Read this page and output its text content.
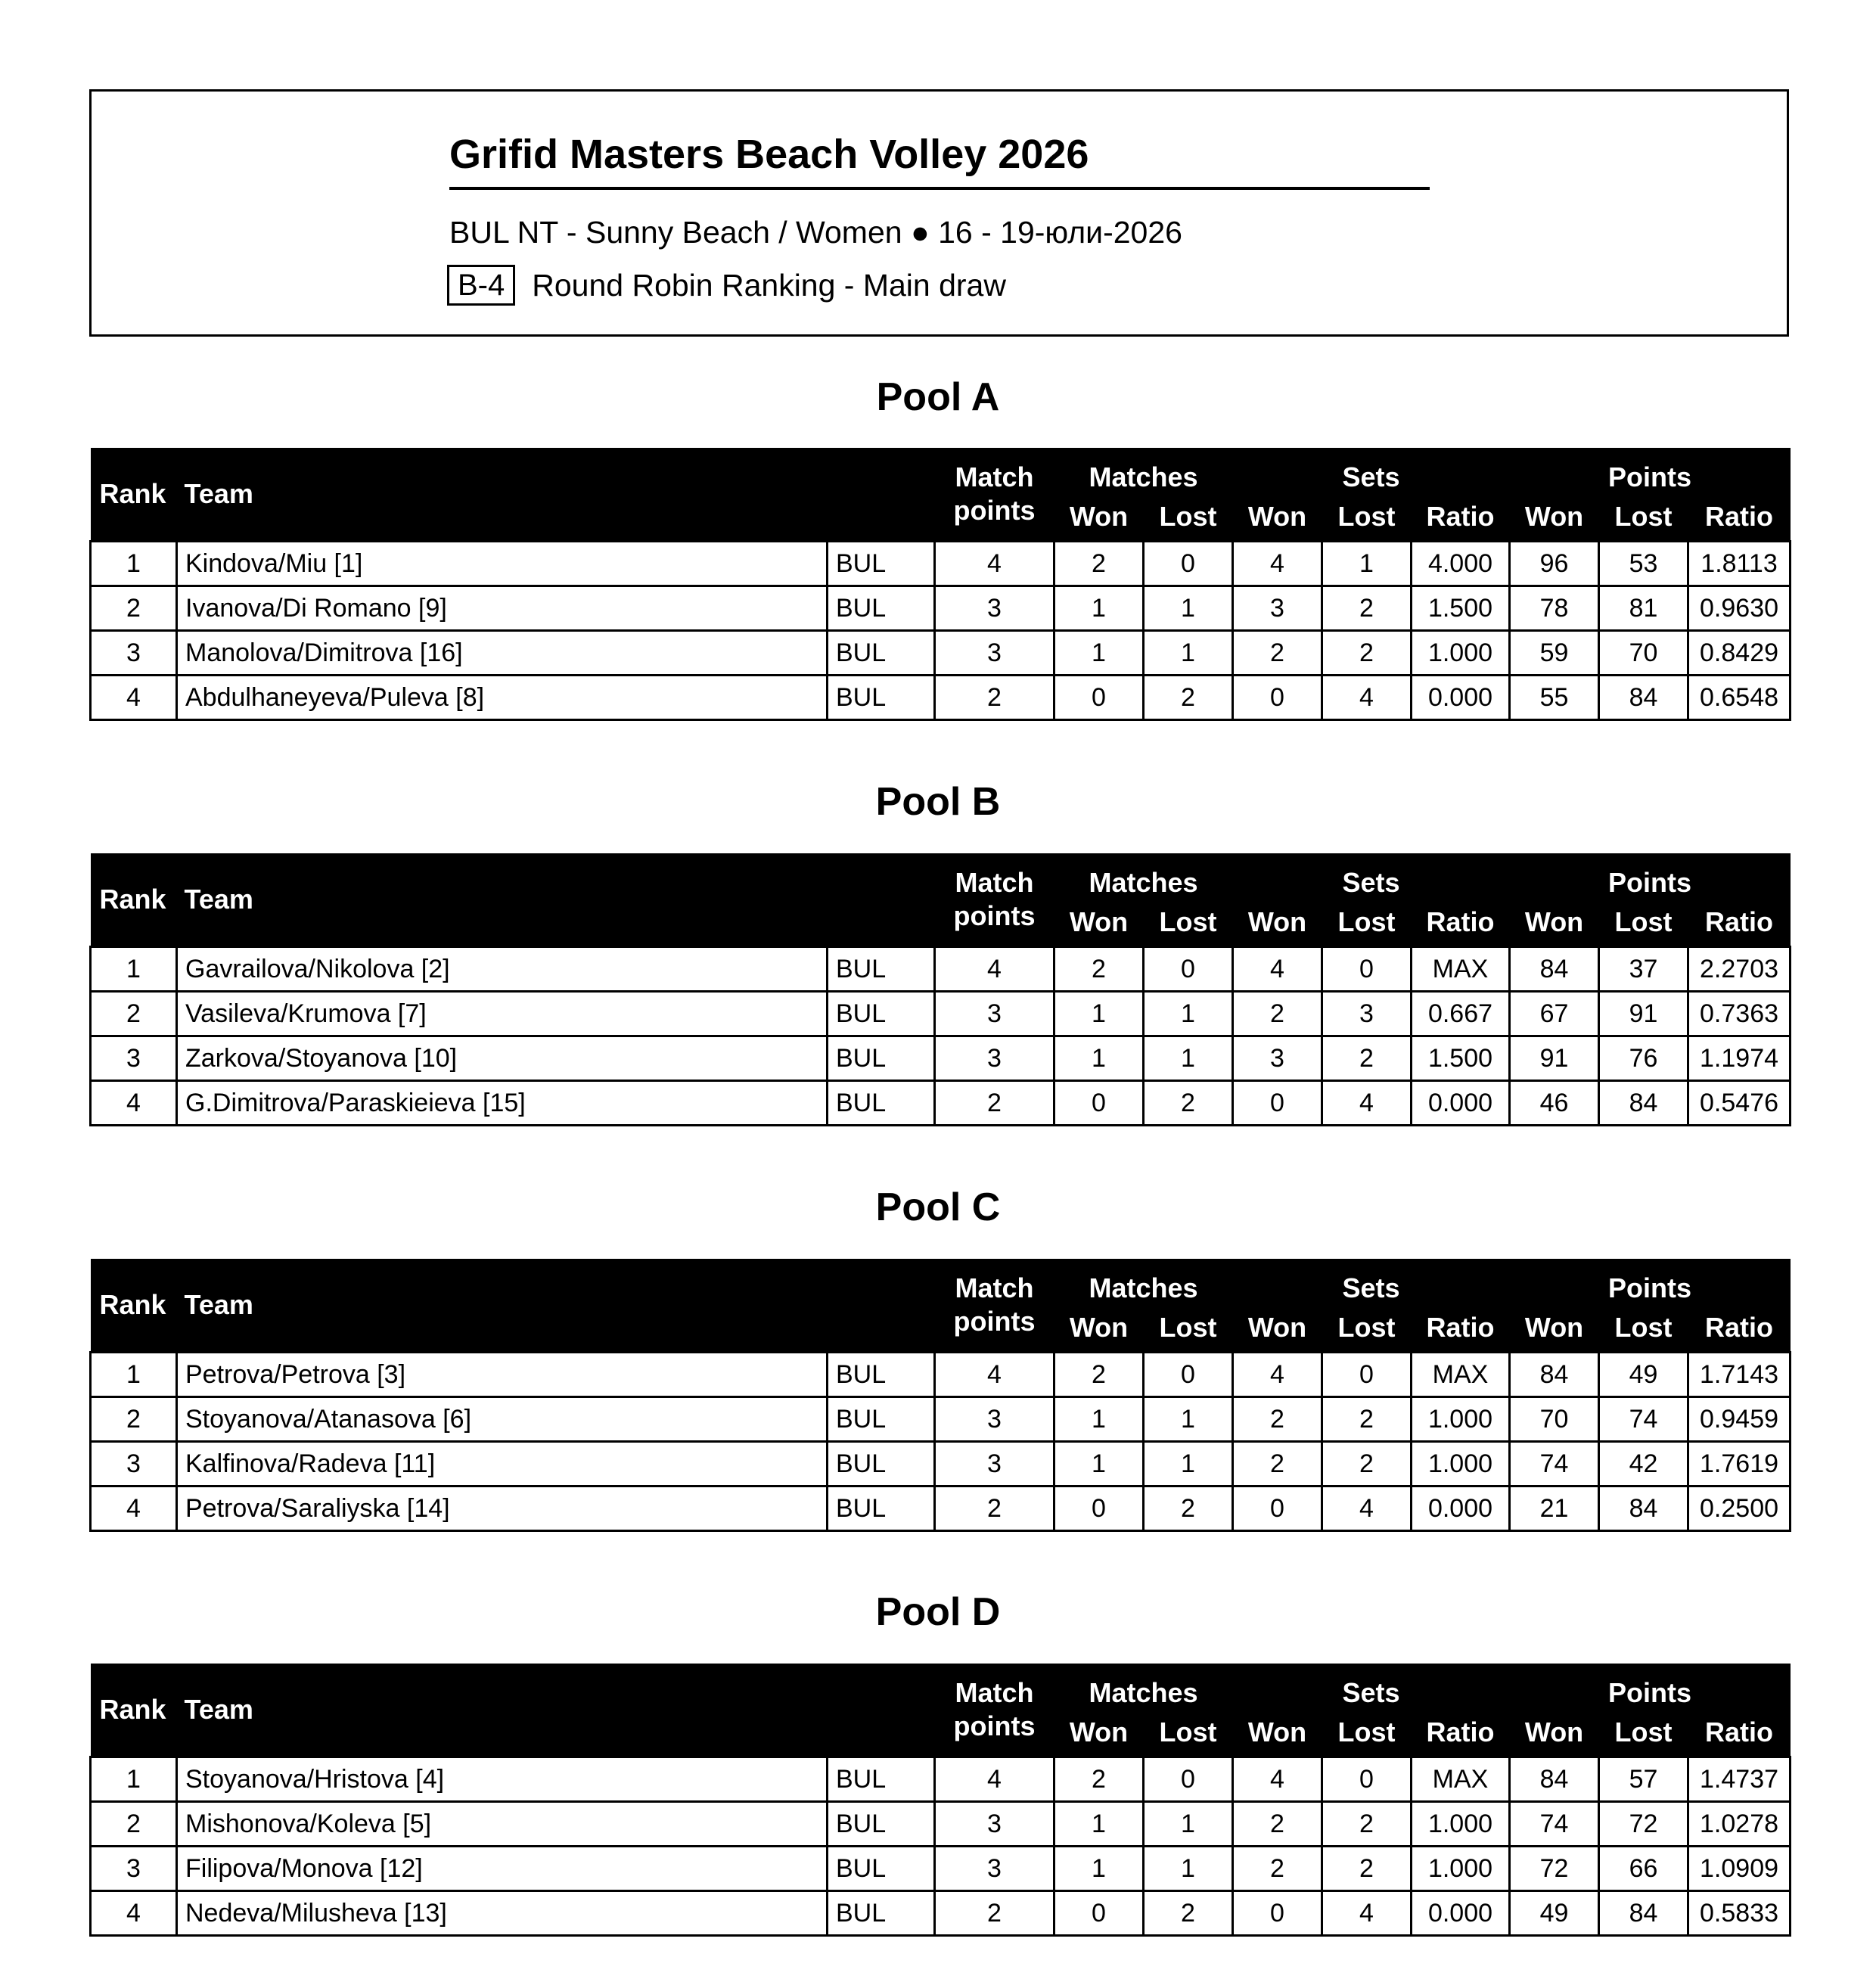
Grifid Masters Beach Volley 2026
BUL NT - Sunny Beach / Women ● 16 - 19-юли-2026
B-4 Round Robin Ranking - Main draw
Pool A
Rank	Team		Match
points	Matches		Sets			Points		
				Won	Lost	Won	Lost	Ratio	Won	Lost	Ratio
1	Kindova/Miu [1]	BUL	4	2	0	4	1	4.000	96	53	1.8113
2	Ivanova/Di Romano [9]	BUL	3	1	1	3	2	1.500	78	81	0.9630
3	Manolova/Dimitrova [16]	BUL	3	1	1	2	2	1.000	59	70	0.8429
4	Abdulhaneyeva/Puleva [8]	BUL	2	0	2	0	4	0.000	55	84	0.6548
Pool B
Rank	Team		Match
points	Matches		Sets			Points		
				Won	Lost	Won	Lost	Ratio	Won	Lost	Ratio
1	Gavrailova/Nikolova [2]	BUL	4	2	0	4	0	MAX	84	37	2.2703
2	Vasileva/Krumova [7]	BUL	3	1	1	2	3	0.667	67	91	0.7363
3	Zarkova/Stoyanova [10]	BUL	3	1	1	3	2	1.500	91	76	1.1974
4	G.Dimitrova/Paraskieieva [15]	BUL	2	0	2	0	4	0.000	46	84	0.5476
Pool C
Rank	Team		Match
points	Matches		Sets			Points		
				Won	Lost	Won	Lost	Ratio	Won	Lost	Ratio
1	Petrova/Petrova [3]	BUL	4	2	0	4	0	MAX	84	49	1.7143
2	Stoyanova/Atanasova [6]	BUL	3	1	1	2	2	1.000	70	74	0.9459
3	Kalfinova/Radeva [11]	BUL	3	1	1	2	2	1.000	74	42	1.7619
4	Petrova/Saraliyska [14]	BUL	2	0	2	0	4	0.000	21	84	0.2500
Pool D
Rank	Team		Match
points	Matches		Sets			Points		
				Won	Lost	Won	Lost	Ratio	Won	Lost	Ratio
1	Stoyanova/Hristova [4]	BUL	4	2	0	4	0	MAX	84	57	1.4737
2	Mishonova/Koleva [5]	BUL	3	1	1	2	2	1.000	74	72	1.0278
3	Filipova/Monova [12]	BUL	3	1	1	2	2	1.000	72	66	1.0909
4	Nedeva/Milusheva [13]	BUL	2	0	2	0	4	0.000	49	84	0.5833
